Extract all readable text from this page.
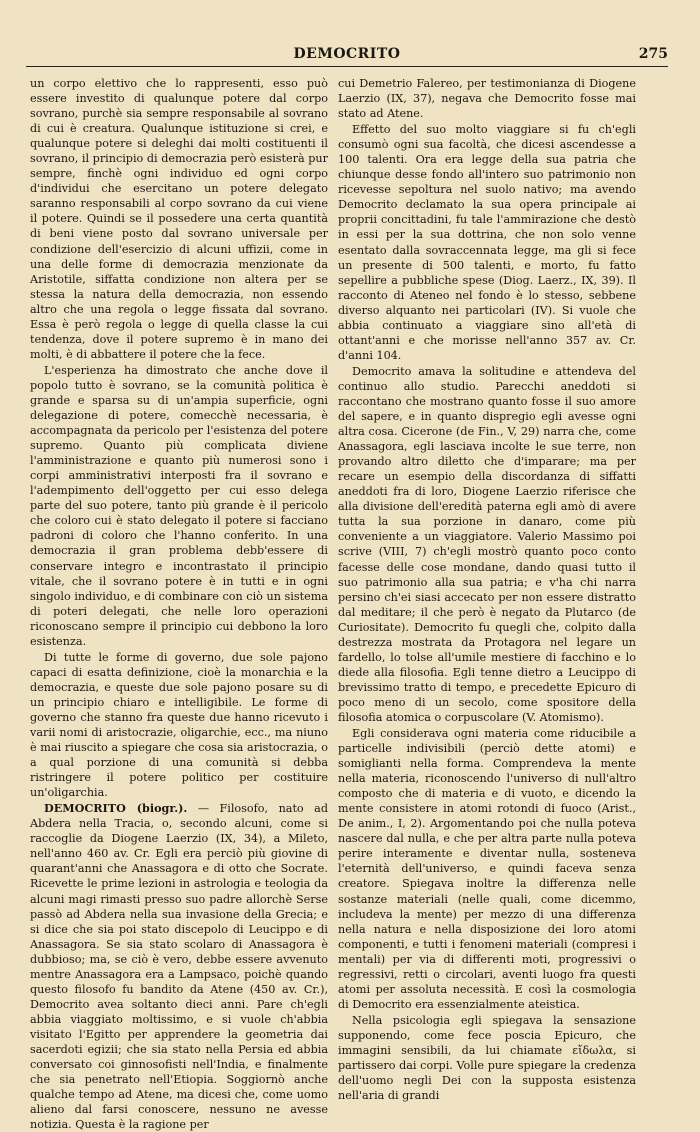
DEMOCRITO	275

un corpo elettivo che lo rappresenti, esso può essere investito di qualunque potere dal corpo sovrano, purchè sia sempre responsabile al sovrano di cui è creatura. Qualunque istituzione si crei, e qualunque potere si deleghi dai molti costituenti il sovrano, il principio di democrazia però esisterà pur sempre, finchè ogni individuo ed ogni corpo d'individui che esercitano un potere delegato saranno responsabili al corpo sovrano da cui viene il potere. Quindi se il possedere una certa quantità di beni viene posto dal sovrano universale per condizione dell'esercizio di alcuni uffizii, come in una delle forme di democrazia menzionate da Aristotile, siffatta condizione non altera per se stessa la natura della democrazia, non essendo altro che una regola o legge fissata dal sovrano. Essa è però regola o legge di quella classe la cui tendenza, dove il potere supremo è in mano dei molti, è di abbattere il potere che la fece.

L'esperienza ha dimostrato che anche dove il popolo tutto è sovrano, se la comunità politica è grande e sparsa su di un'ampia superficie, ogni delegazione di potere, comecchè necessaria, è accompagnata da pericolo per l'esistenza del potere supremo. Quanto più complicata diviene l'amministrazione e quanto più numerosi sono i corpi amministrativi interposti fra il sovrano e l'adempimento dell'oggetto per cui esso delega parte del suo potere, tanto più grande è il pericolo che coloro cui è stato delegato il potere si facciano padroni di coloro che l'hanno conferito. In una democrazia il gran problema debb'essere di conservare integro e incontrastato il principio vitale, che il sovrano potere è in tutti e in ogni singolo individuo, e di combinare con ciò un sistema di poteri delegati, che nelle loro operazioni riconoscano sempre il principio cui debbono la loro esistenza.

Di tutte le forme di governo, due sole pajono capaci di esatta definizione, cioè la monarchia e la democrazia, e queste due sole pajono posare su di un principio chiaro e intelligibile. Le forme di governo che stanno fra queste due hanno ricevuto i varii nomi di aristocrazie, oligarchie, ecc., ma niuno è mai riuscito a spiegare che cosa sia aristocrazia, o a qual porzione di una comunità si debba ristringere il potere politico per costituire un'oligarchia.

DEMOCRITO (biogr.). — Filosofo, nato ad Abdera nella Tracia, o, secondo alcuni, come si raccoglie da Diogene Laerzio (IX, 34), a Mileto, nell'anno 460 av. Cr. Egli era perciò più giovine di quarant'anni che Anassagora e di otto che Socrate. Ricevette le prime lezioni in astrologia e teologia da alcuni magi rimasti presso suo padre allorchè Serse passò ad Abdera nella sua invasione della Grecia; e si dice che sia poi stato discepolo di Leucippo e di Anassagora. Se sia stato scolaro di Anassagora è dubbioso; ma, se ciò è vero, debbe essere avvenuto mentre Anassagora era a Lampsaco, poichè quando questo filosofo fu bandito da Atene (450 av. Cr.), Democrito avea soltanto dieci anni. Pare ch'egli abbia viaggiato moltissimo, e si vuole ch'abbia visitato l'Egitto per apprendere la geometria dai sacerdoti egizii; che sia stato nella Persia ed abbia conversato coi ginnosofisti nell'India, e finalmente che sia penetrato nell'Etiopia. Soggiornò anche qualche tempo ad Atene, ma dicesi che, come uomo alieno dal farsi conoscere, nessuno ne avesse notizia. Questa è la ragione per

cui Demetrio Falereo, per testimonianza di Diogene Laerzio (IX, 37), negava che Democrito fosse mai stato ad Atene.

Effetto del suo molto viaggiare si fu ch'egli consumò ogni sua facoltà, che dicesi ascendesse a 100 talenti. Ora era legge della sua patria che chiunque desse fondo all'intero suo patrimonio non ricevesse sepoltura nel suolo nativo; ma avendo Democrito declamato la sua opera principale ai proprii concittadini, fu tale l'ammirazione che destò in essi per la sua dottrina, che non solo venne esentato dalla sovraccennata legge, ma gli si fece un presente di 500 talenti, e morto, fu fatto sepellire a pubbliche spese (Diog. Laerz., IX, 39). Il racconto di Ateneo nel fondo è lo stesso, sebbene diverso alquanto nei particolari (IV). Si vuole che abbia continuato a viaggiare sino all'età di ottant'anni e che morisse nell'anno 357 av. Cr. d'anni 104.

Democrito amava la solitudine e attendeva del continuo allo studio. Parecchi aneddoti si raccontano che mostrano quanto fosse il suo amore del sapere, e in quanto dispregio egli avesse ogni altra cosa. Cicerone (de Fin., V, 29) narra che, come Anassagora, egli lasciava incolte le sue terre, non provando altro diletto che d'imparare; ma per recare un esempio della discordanza di siffatti aneddoti fra di loro, Diogene Laerzio riferisce che alla divisione dell'eredità paterna egli amò di avere tutta la sua porzione in danaro, come più conveniente a un viaggiatore. Valerio Massimo poi scrive (VIII, 7) ch'egli mostrò quanto poco conto facesse delle cose mondane, dando quasi tutto il suo patrimonio alla sua patria; e v'ha chi narra persino ch'ei siasi accecato per non essere distratto dal meditare; il che però è negato da Plutarco (de Curiositate). Democrito fu quegli che, colpito dalla destrezza mostrata da Protagora nel legare un fardello, lo tolse all'umile mestiere di facchino e lo diede alla filosofia. Egli tenne dietro a Leucippo di brevissimo tratto di tempo, e precedette Epicuro di poco meno di un secolo, come spositore della filosofia atomica o corpuscolare (V. Atomismo).

Egli considerava ogni materia come riducibile a particelle indivisibili (perciò dette atomi) e somiglianti nella forma. Comprendeva la mente nella materia, riconoscendo l'universo di null'altro composto che di materia e di vuoto, e dicendo la mente consistere in atomi rotondi di fuoco (Arist., De anim., I, 2). Argomentando poi che nulla poteva nascere dal nulla, e che per altra parte nulla poteva perire interamente e diventar nulla, sosteneva l'eternità dell'universo, e quindi faceva senza creatore. Spiegava inoltre la differenza nelle sostanze materiali (nelle quali, come dicemmo, includeva la mente) per mezzo di una differenza nella natura e nella disposizione dei loro atomi componenti, e tutti i fenomeni materiali (compresi i mentali) per via di differenti moti, progressivi o regressivi, retti o circolari, aventi luogo fra questi atomi per assoluta necessità. E così la cosmologia di Democrito era essenzialmente ateistica.

Nella psicologia egli spiegava la sensazione supponendo, come fece poscia Epicuro, che immagini sensibili, da lui chiamate εἴδωλα, si partissero dai corpi. Volle pure spiegare la credenza dell'uomo negli Dei con la supposta esistenza nell'aria di grandi
